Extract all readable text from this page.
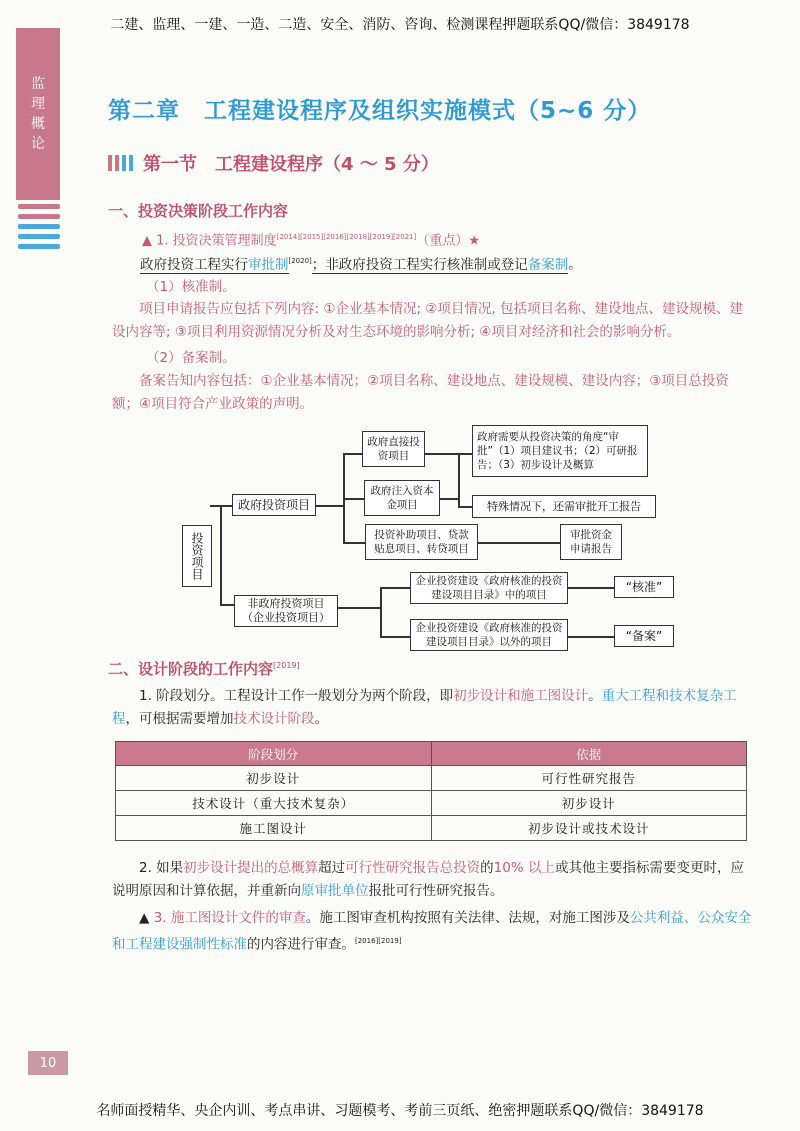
二建、监理、一建、一造、二造、安全、消防、咨询、检测课程押题联系QQ/微信：3849178
监
理
概
论
第二章　工程建设程序及组织实施模式（5~6 分）
第一节　工程建设程序（4 ～ 5 分）
一、投资决策阶段工作内容
▲ 1. 投资决策管理制度[2014][2015][2016][2018][2019][2021]（重点）★
政府投资工程实行审批制[2020]；非政府投资工程实行核准制或登记备案制。
（1）核准制。
项目申请报告应包括下列内容: ①企业基本情况; ②项目情况, 包括项目名称、建设地点、建设规模、建设内容等; ③项目利用资源情况分析及对生态环境的影响分析; ④项目对经济和社会的影响分析。
（2）备案制。
备案告知内容包括：①企业基本情况；②项目名称、建设地点、建设规模、建设内容；③项目总投资额；④项目符合产业政策的声明。
投资项目
政府投资项目
政府直接投资项目
政府注入资本金项目
投资补助项目、贷款贴息项目、转贷项目
政府需要从投资决策的角度“审批”（1）项目建议书；（2）可研报告；（3）初步设计及概算
特殊情况下，还需审批开工报告
审批资金申请报告
非政府投资项目（企业投资项目）
企业投资建设《政府核准的投资建设项目目录》中的项目
企业投资建设《政府核准的投资建设项目目录》以外的项目
“核准”
“备案”
二、设计阶段的工作内容[2019]
1. 阶段划分。工程设计工作一般划分为两个阶段，即初步设计和施工图设计。重大工程和技术复杂工程，可根据需要增加技术设计阶段。
阶段划分	依据
初步设计	可行性研究报告
技术设计（重大技术复杂）	初步设计
施工图设计	初步设计或技术设计
2. 如果初步设计提出的总概算超过可行性研究报告总投资的10% 以上或其他主要指标需要变更时，应说明原因和计算依据，并重新向原审批单位报批可行性研究报告。
▲ 3. 施工图设计文件的审查。施工图审查机构按照有关法律、法规，对施工图涉及公共利益、公众安全和工程建设强制性标准的内容进行审查。[2016][2019]
10
名师面授精华、央企内训、考点串讲、习题模考、考前三页纸、绝密押题联系QQ/微信：3849178
